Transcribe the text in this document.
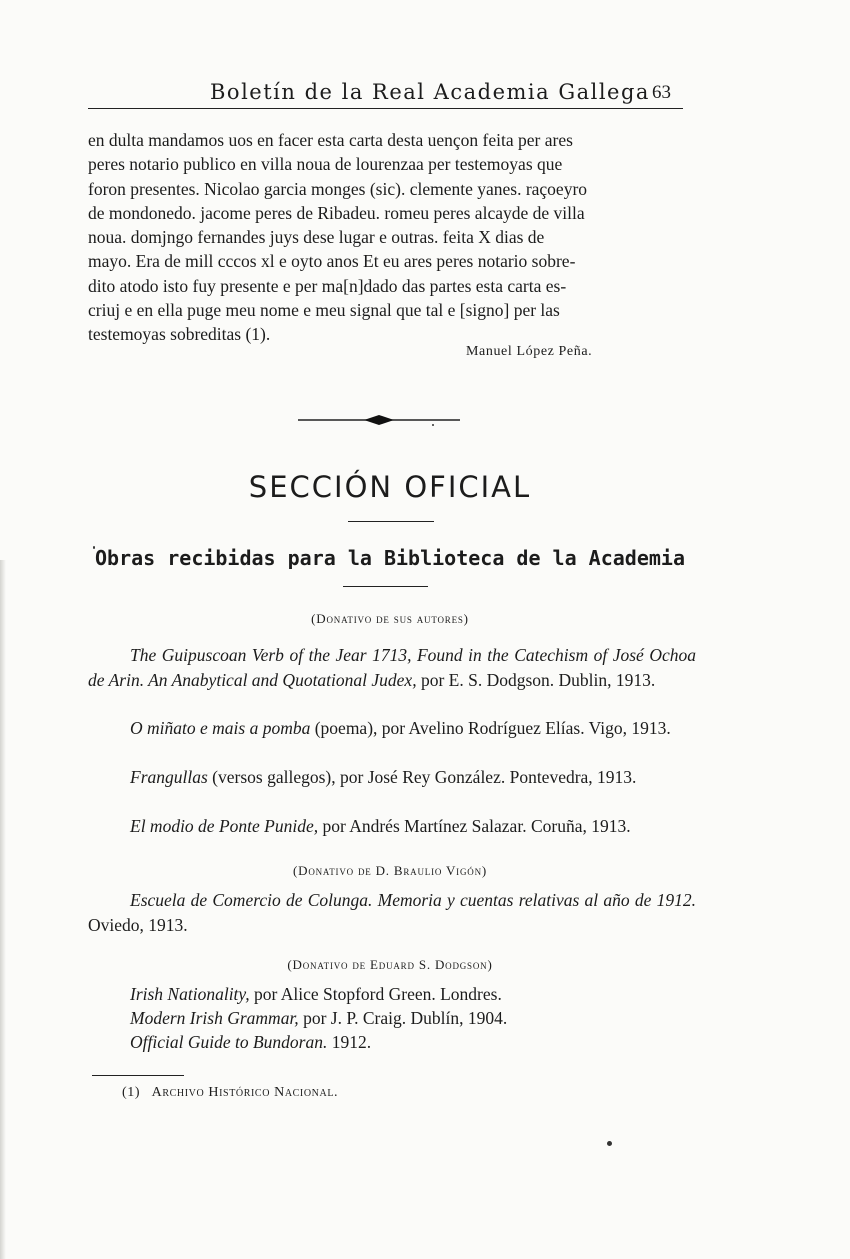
Boletín de la Real Academia Gallega 63
en dulta mandamos uos en facer esta carta desta uençon feita per ares
peres notario publico en villa noua de lourenzaa per testemoyas que
foron presentes. Nicolao garcia monges (sic). clemente yanes. raçoeyro
de mondonedo. jacome peres de Ribadeu. romeu peres alcayde de villa
noua. domjngo fernandes juys dese lugar e outras. feita X dias de
mayo. Era de mill cccos xl e oyto anos Et eu ares peres notario sobre-
dito atodo isto fuy presente e per ma[n]dado das partes esta carta es-
criuj e en ella puge meu nome e meu signal que tal e [signo] per las
testemoyas sobreditas (1).
Manuel López Peña.
SECCIÓN OFICIAL
Obras recibidas para la Biblioteca de la Academia
(Donativo de sus autores)

The Guipuscoan Verb of the Jear 1713, Found in the Catechism of José Ochoa de Arin. An Anabytical and Quotational Judex, por E. S. Dodgson. Dublin, 1913.

O miñato e mais a pomba (poema), por Avelino Rodríguez Elías. Vigo, 1913.

Frangullas (versos gallegos), por José Rey González. Pontevedra, 1913.

El modio de Ponte Punide, por Andrés Martínez Salazar. Coruña, 1913.

(Donativo de D. Braulio Vigón)

Escuela de Comercio de Colunga. Memoria y cuentas relativas al año de 1912. Oviedo, 1913.

(Donativo de Eduard S. Dodgson)

Irish Nationality, por Alice Stopford Green. Londres.

Modern Irish Grammar, por J. P. Craig. Dublín, 1904.

Official Guide to Bundoran. 1912.

(1) Archivo Histórico Nacional.
